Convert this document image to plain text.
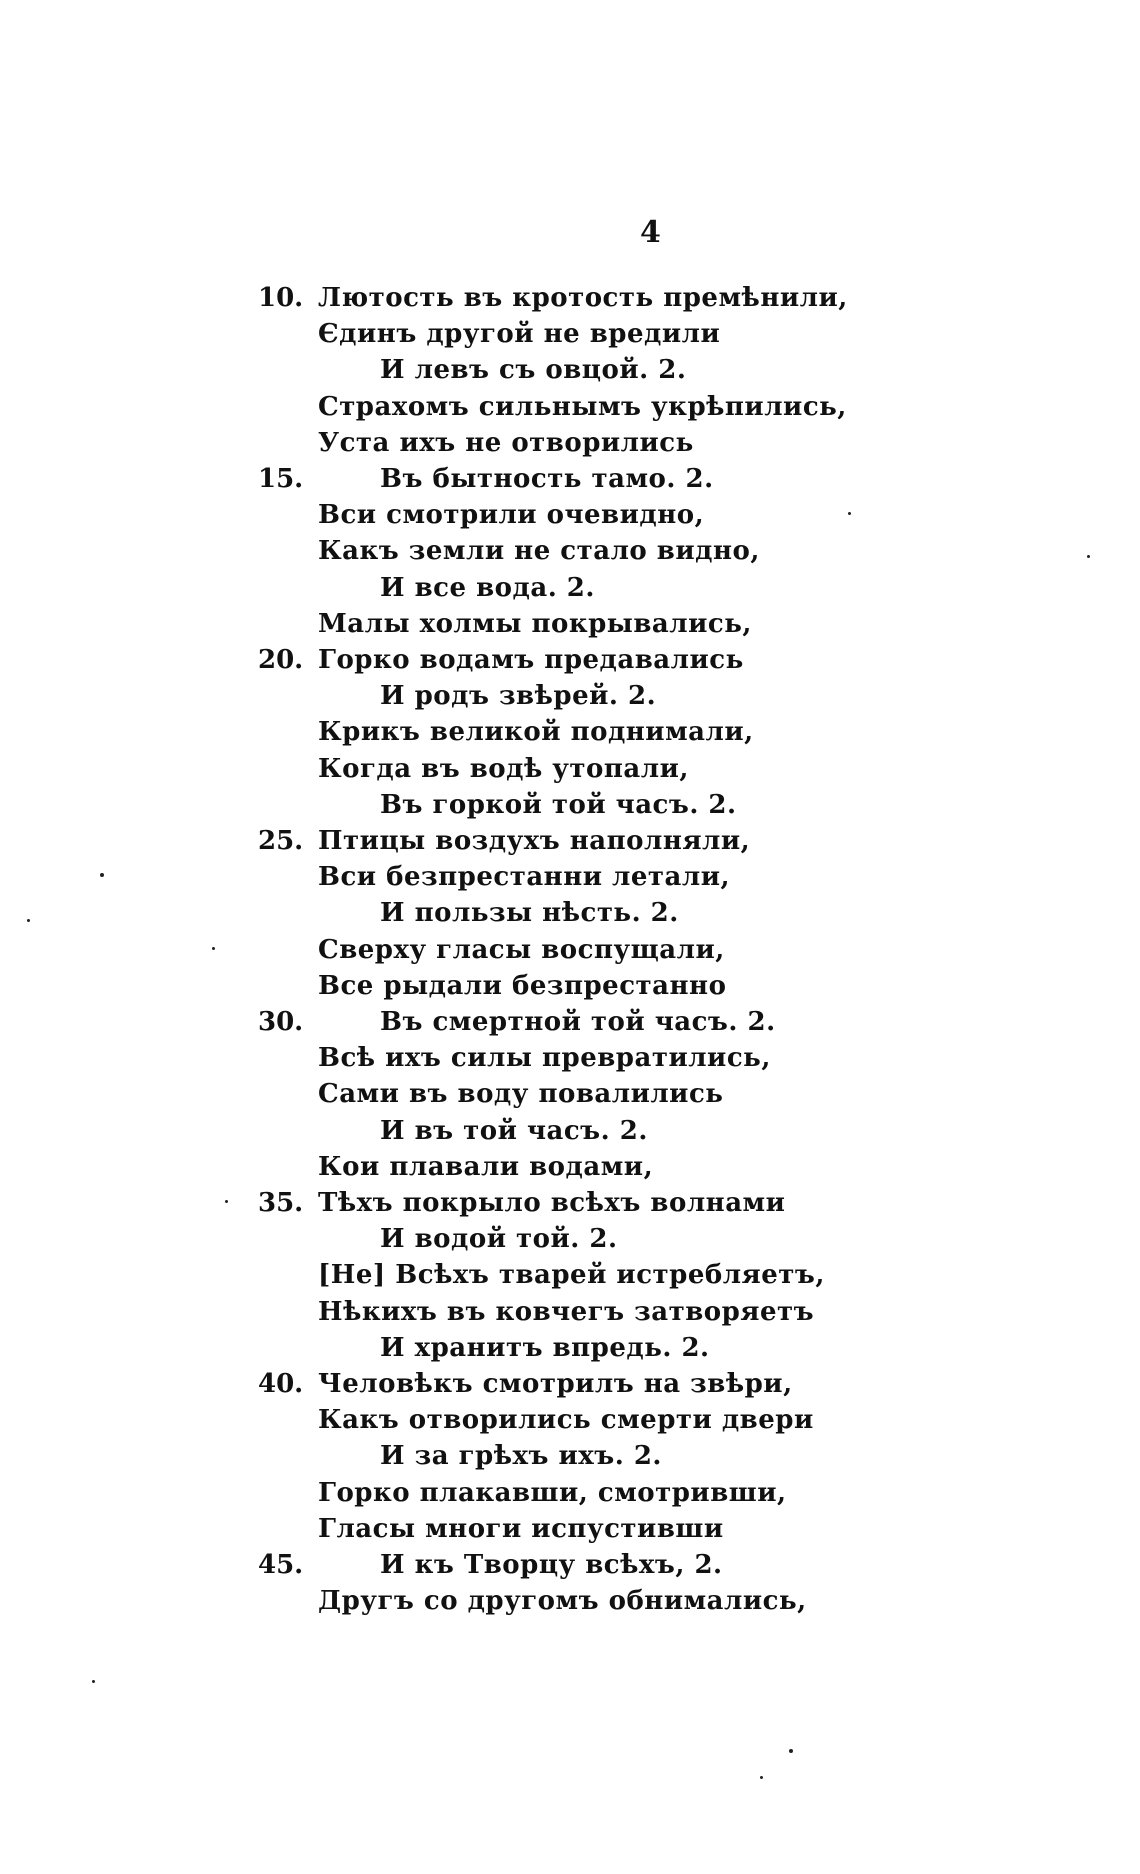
4
10. Лютость въ кротость премѣнили,
Єдинъ другой не вредили
И левъ съ овцой. 2.
Страхомъ сильнымъ укрѣпились,
Уста ихъ не отворились
15.	Въ бытность тамо. 2.
Вси смотрили очевидно,
Какъ земли не стало видно,
И все вода. 2.
Малы холмы покрывались,
20. Горко водамъ предавались
И родъ звѣрей. 2.
Крикъ великой поднимали,
Когда въ водѣ утопали,
Въ горкой той часъ. 2.
25. Птицы воздухъ наполняли,
Вси безпрестанни летали,
И пользы нѣсть. 2.
Сверху гласы воспущали,
Все рыдали безпрестанно
30.	Въ смертной той часъ. 2.
Всѣ ихъ силы превратились,
Сами въ воду повалились
И въ той часъ. 2.
Кои плавали водами,
35. Тѣхъ покрыло всѣхъ волнами
И водой той. 2.
[Не] Всѣхъ тварей истребляетъ,
Нѣкихъ въ ковчегъ затворяетъ
И хранитъ впредь. 2.
40. Человѣкъ смотрилъ на звѣри,
Какъ отворились смерти двери
И за грѣхъ ихъ. 2.
Горко плакавши, смотривши,
Гласы многи испустивши
45.	И къ Творцу всѣхъ, 2.
Другъ со другомъ обнимались,
